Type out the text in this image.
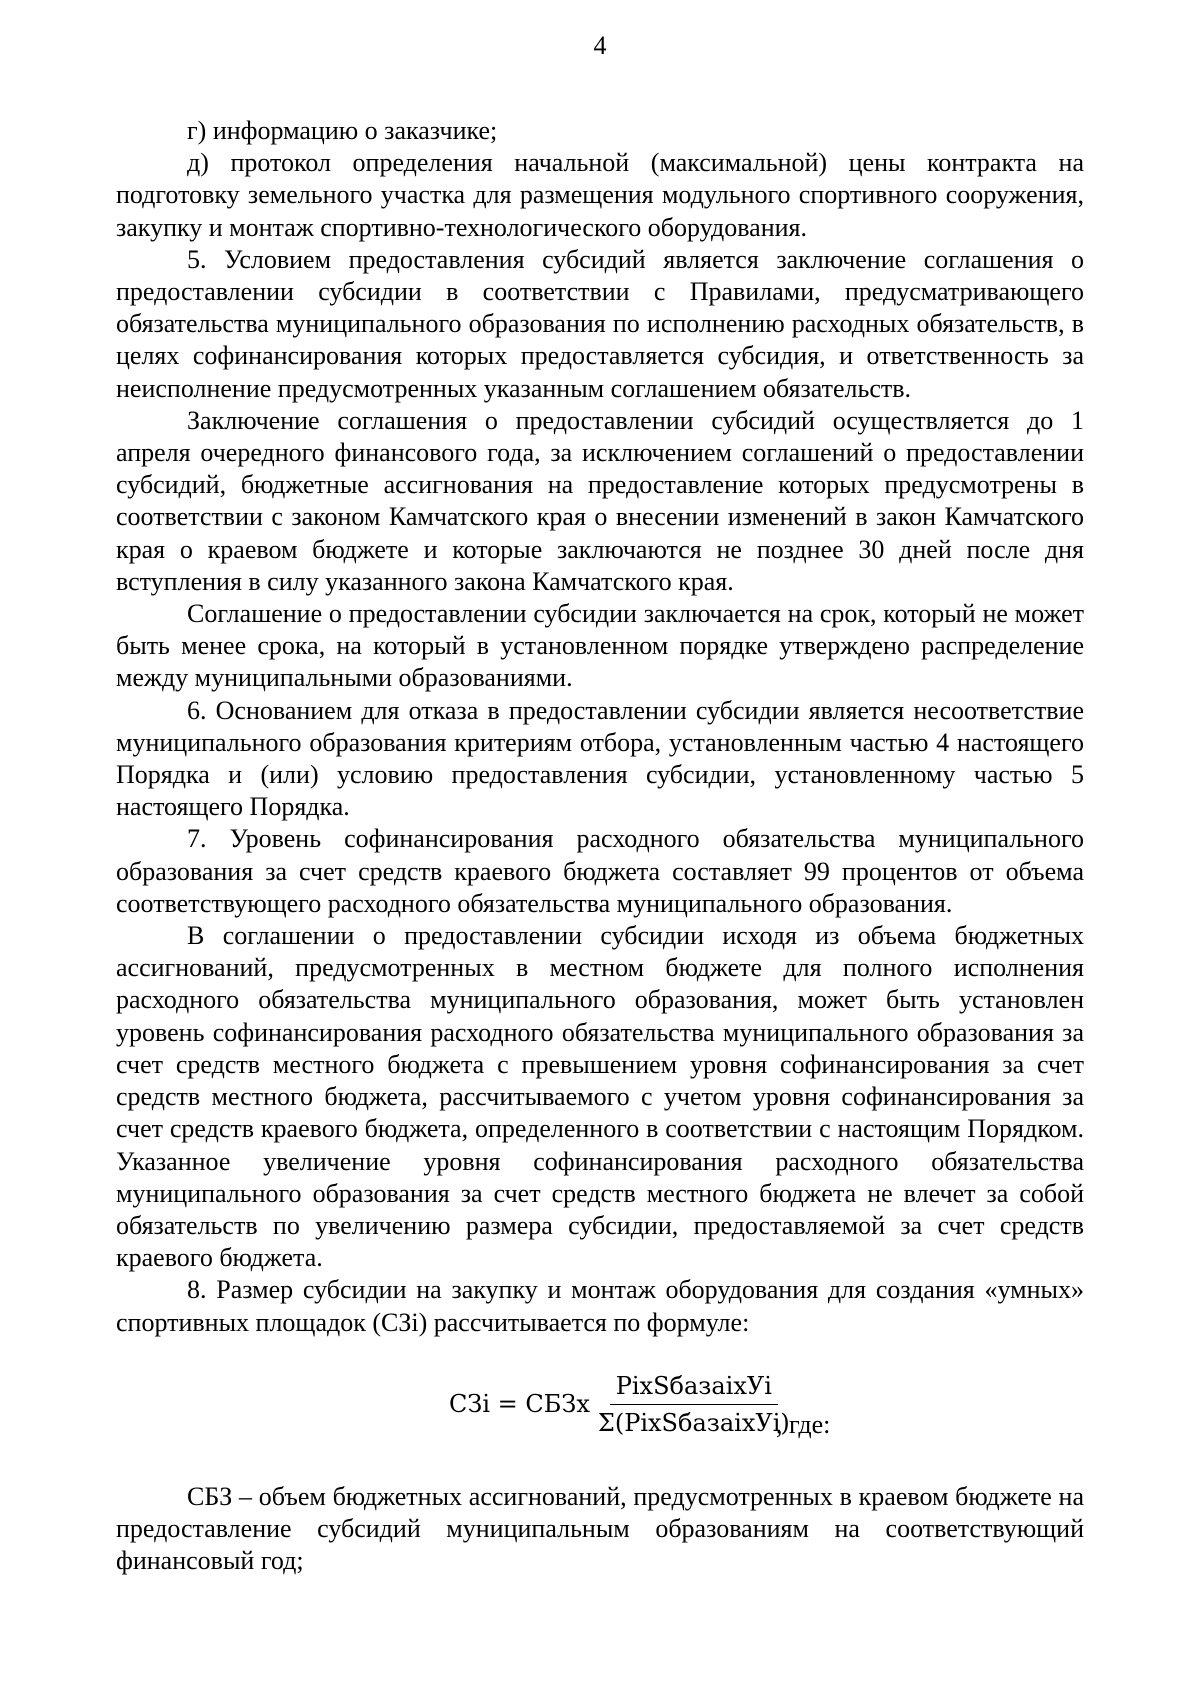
4

г) информацию о заказчике;

д) протокол определения начальной (максимальной) цены контракта на подготовку земельного участка для размещения модульного спортивного сооружения, закупку и монтаж спортивно-технологического оборудования.

5. Условием предоставления субсидий является заключение соглашения о предоставлении субсидии в соответствии с Правилами, предусматривающего обязательства муниципального образования по исполнению расходных обязательств, в целях софинансирования которых предоставляется субсидия, и ответственность за неисполнение предусмотренных указанным соглашением обязательств.

Заключение соглашения о предоставлении субсидий осуществляется до 1 апреля очередного финансового года, за исключением соглашений о предоставлении субсидий, бюджетные ассигнования на предоставление которых предусмотрены в соответствии с законом Камчатского края о внесении изменений в закон Камчатского края о краевом бюджете и которые заключаются не позднее 30 дней после дня вступления в силу указанного закона Камчатского края.

Соглашение о предоставлении субсидии заключается на срок, который не может быть менее срока, на который в установленном порядке утверждено распределение между муниципальными образованиями.

6. Основанием для отказа в предоставлении субсидии является несоответствие муниципального образования критериям отбора, установленным частью 4 настоящего Порядка и (или) условию предоставления субсидии, установленному частью 5 настоящего Порядка.

7. Уровень софинансирования расходного обязательства муниципального образования за счет средств краевого бюджета составляет 99 процентов от объема соответствующего расходного обязательства муниципального образования.

В соглашении о предоставлении субсидии исходя из объема бюджетных ассигнований, предусмотренных в местном бюджете для полного исполнения расходного обязательства муниципального образования, может быть установлен уровень софинансирования расходного обязательства муниципального образования за счет средств местного бюджета с превышением уровня софинансирования за счет средств местного бюджета, рассчитываемого с учетом уровня софинансирования за счет средств краевого бюджета, определенного в соответствии с настоящим Порядком. Указанное увеличение уровня софинансирования расходного обязательства муниципального образования за счет средств местного бюджета не влечет за собой обязательств по увеличению размера субсидии, предоставляемой за счет средств краевого бюджета.

8. Размер субсидии на закупку и монтаж оборудования для создания «умных» спортивных площадок (СЗi) рассчитывается по формуле:

СЗi = СБЗх $\frac{\text{PixSбазаixУi}}{\text{Σ(PixSбазаixУi)}}$
, где:

СБЗ – объем бюджетных ассигнований, предусмотренных в краевом бюджете на предоставление субсидий муниципальным образованиям на соответствующий финансовый год;
